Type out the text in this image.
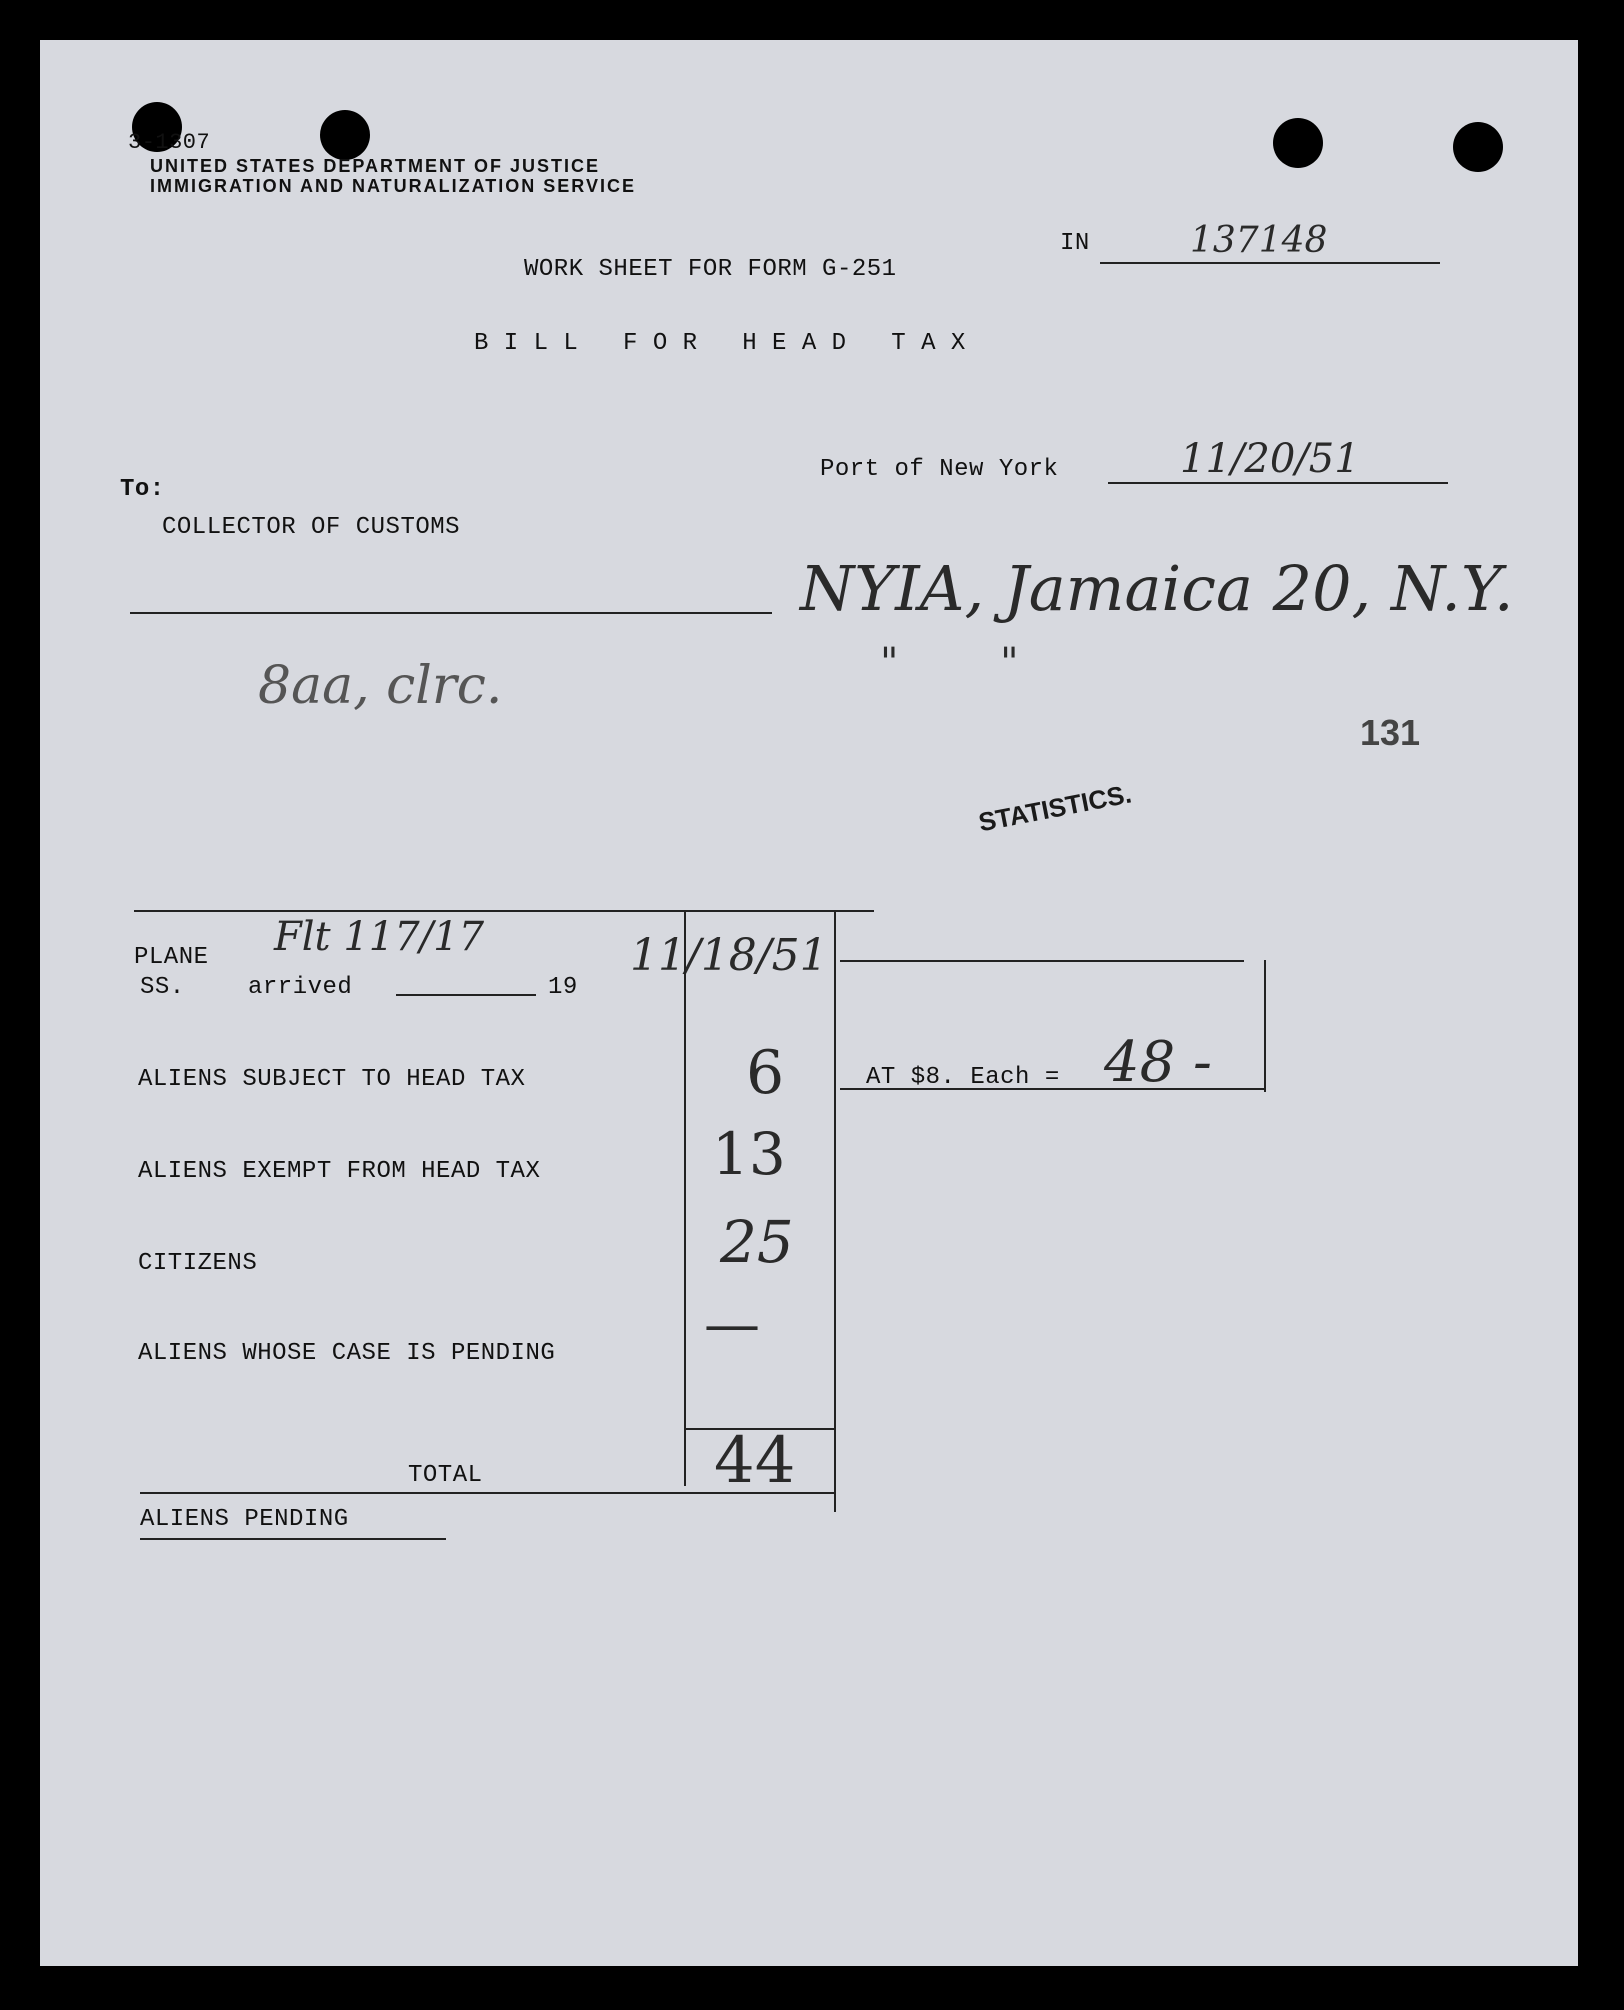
3-1307
UNITED STATES DEPARTMENT OF JUSTICE
IMMIGRATION AND NATURALIZATION SERVICE
IN	137148
WORK SHEET FOR FORM G-251
B I L L   F O R   H E A D   T A X
Port of New York	11/20/51
To:
COLLECTOR OF CUSTOMS
NYIA, Jamaica 20, N.Y.
"        "
8aa, clrc.
131
STATISTICS.
PLANE
SS.	arrived	19
Flt 117/17	11/18/51
ALIENS SUBJECT TO HEAD TAX	6	AT $8. Each = 48 -
ALIENS EXEMPT FROM HEAD TAX	13
CITIZENS	25
ALIENS WHOSE CASE IS PENDING	—
TOTAL	44
ALIENS PENDING
